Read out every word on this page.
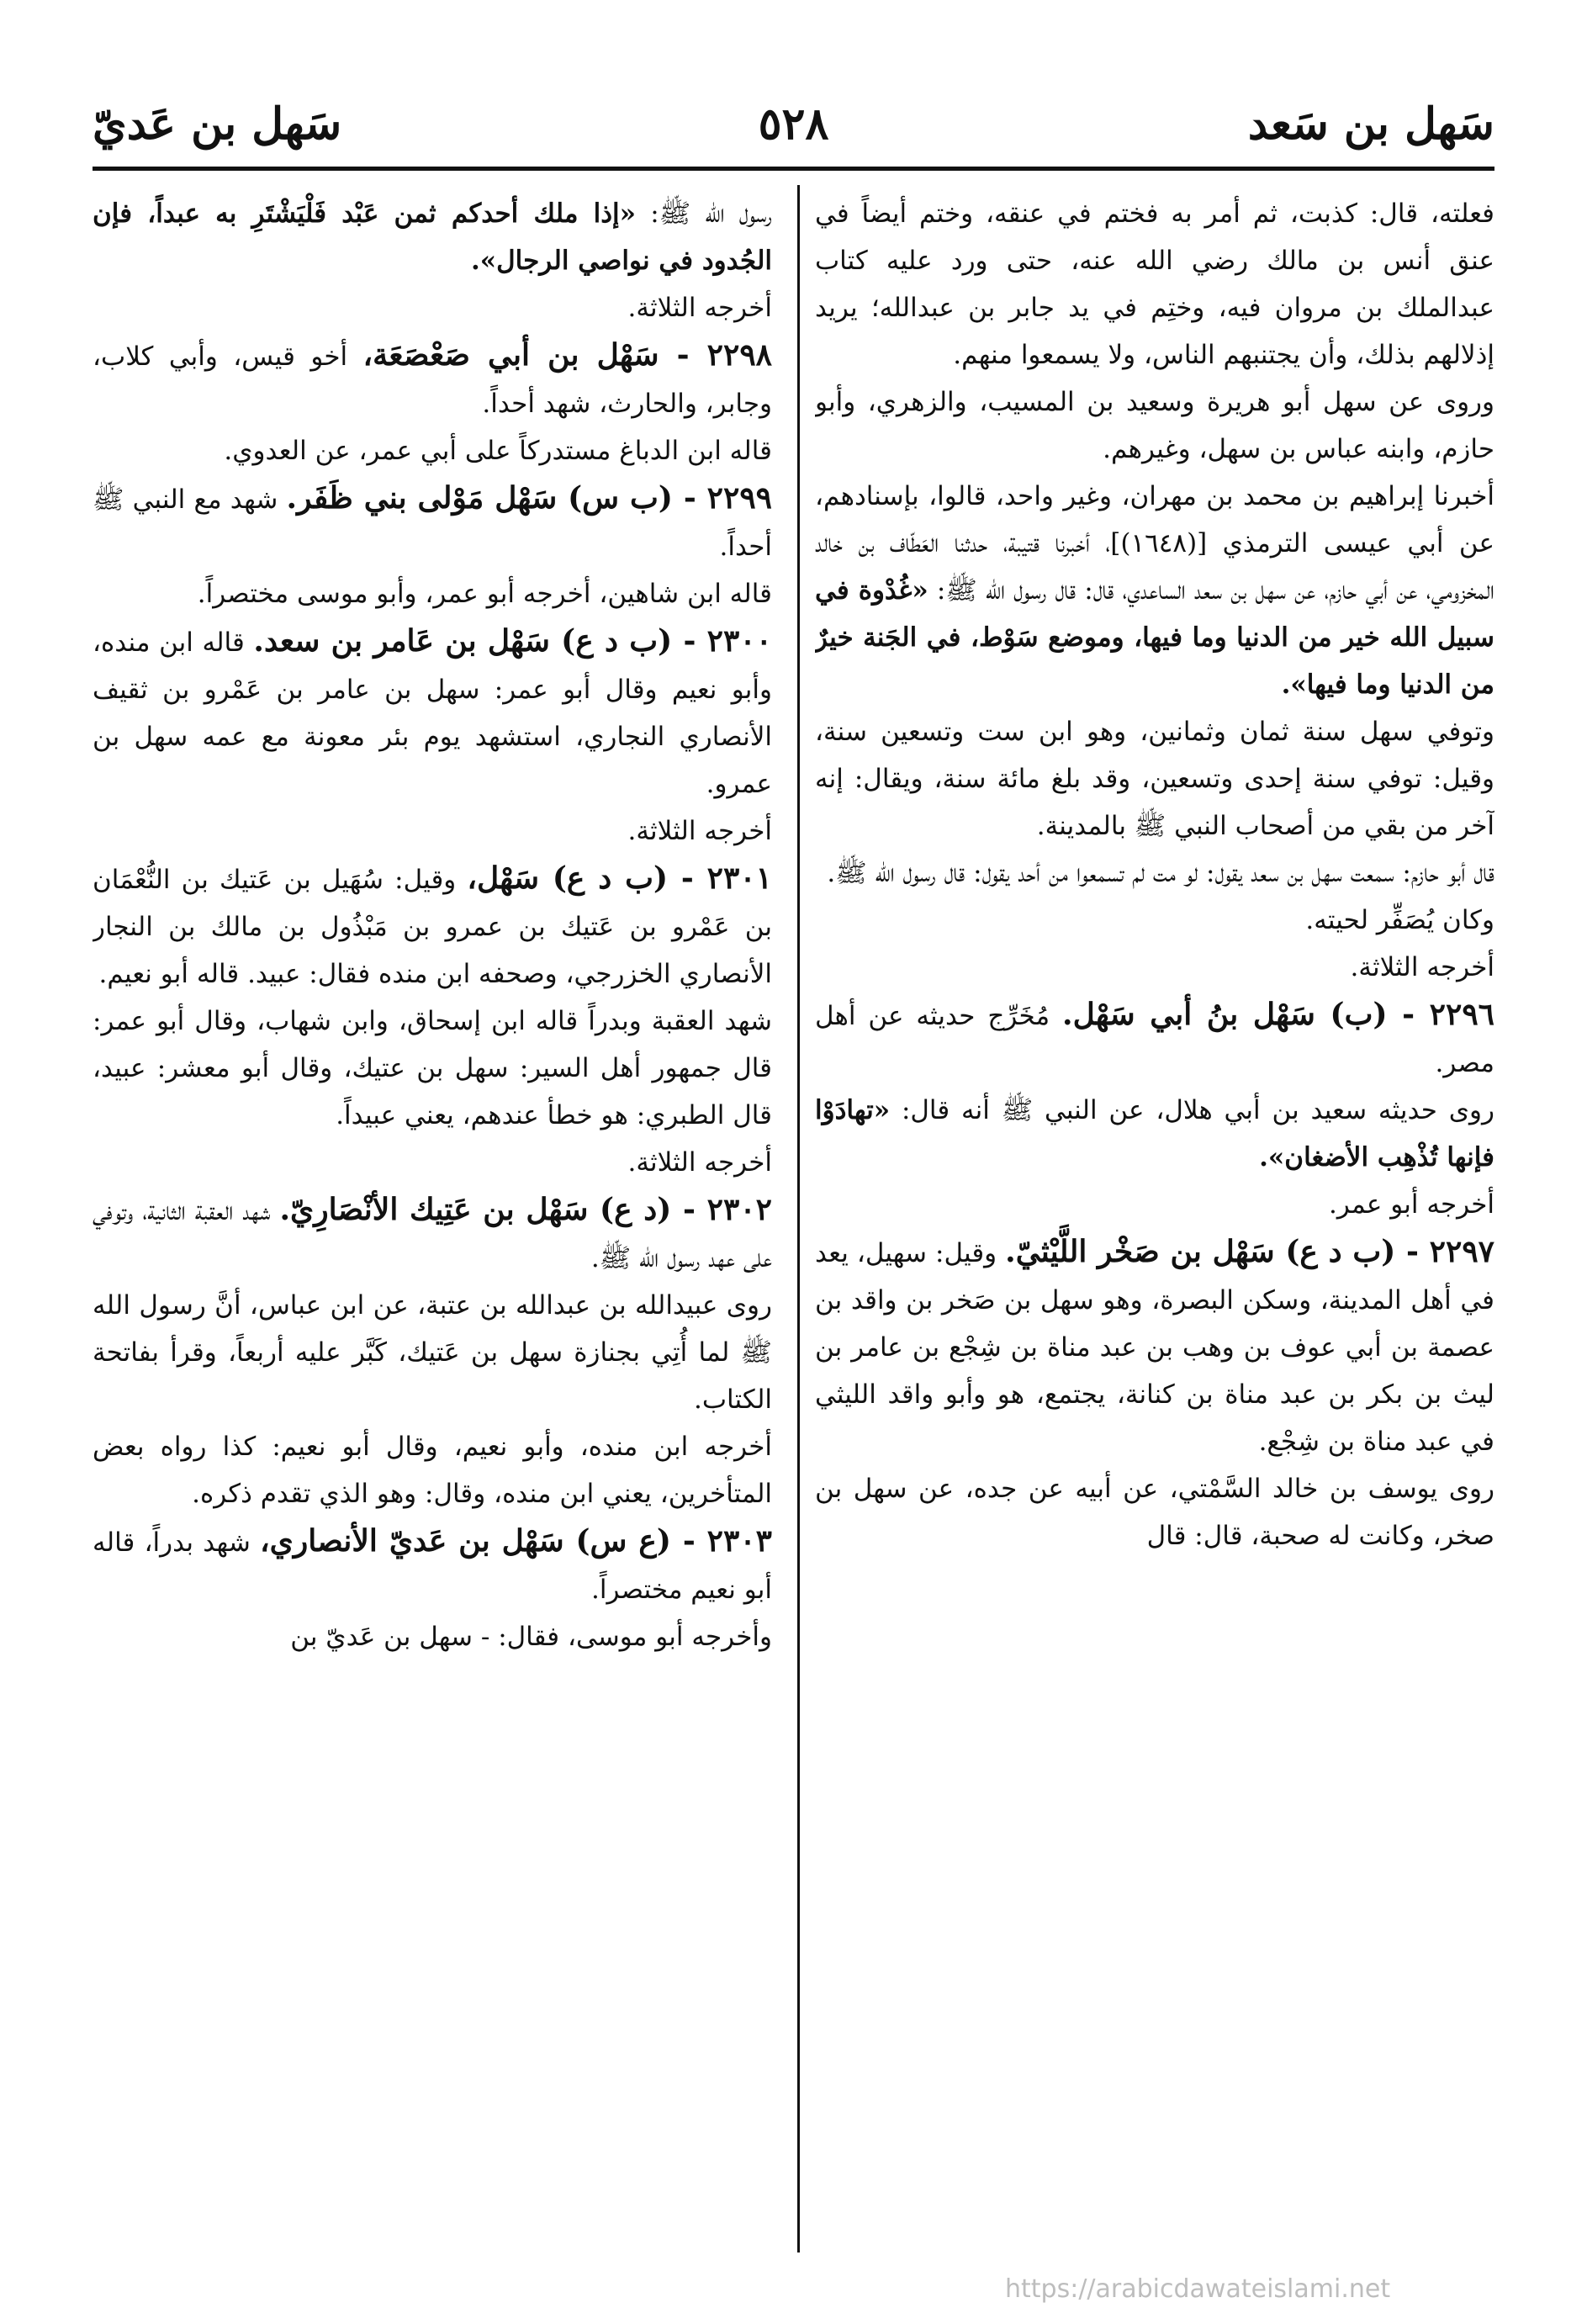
سَهل بن سَعد
٥٢٨
سَهل بن عَديّ

فعلته، قال: كذبت، ثم أمر به فختم في عنقه، وختم أيضاً في عنق أنس بن مالك رضي الله عنه، حتى ورد عليه كتاب عبدالملك بن مروان فيه، وختِم في يد جابر بن عبدالله؛ يريد إذلالهم بذلك، وأن يجتنبهم الناس، ولا يسمعوا منهم.

وروى عن سهل أبو هريرة وسعيد بن المسيب، والزهري، وأبو حازم، وابنه عباس بن سهل، وغيرهم.

أخبرنا إبراهيم بن محمد بن مهران، وغير واحد، قالوا، بإسنادهم، عن أبي عيسى الترمذي [(١٦٤٨)]، أخبرنا قتيبة، حدثنا العَطّاف بن خالد المخزومي، عن أبي حازم، عن سهل بن سعد الساعدي، قال: قال رسول الله ﷺ: «غُدْوة في سبيل الله خير من الدنيا وما فيها، وموضع سَوْط، في الجَنة خيرٌ من الدنيا وما فيها».

وتوفي سهل سنة ثمان وثمانين، وهو ابن ست وتسعين سنة، وقيل: توفي سنة إحدى وتسعين، وقد بلغ مائة سنة، ويقال: إنه آخر من بقي من أصحاب النبي ﷺ بالمدينة.

قال أبو حازم: سمعت سهل بن سعد يقول: لو مت لم تسمعوا من أحد يقول: قال رسول الله ﷺ.

وكان يُصَفِّر لحيته.

أخرجه الثلاثة.

٢٢٩٦ - (ب) سَهْل بنُ أبي سَهْل. مُخَرِّج حديثه عن أهل مصر.

روى حديثه سعيد بن أبي هلال، عن النبي ﷺ أنه قال: «تهادَوْا فإنها تُذْهِب الأضغان».

أخرجه أبو عمر.

٢٢٩٧ - (ب د ع) سَهْل بن صَخْر اللَّيْثيّ. وقيل: سهيل، يعد في أهل المدينة، وسكن البصرة، وهو سهل بن صَخر بن واقد بن عصمة بن أبي عوف بن وهب بن عبد مناة بن شِجْع بن عامر بن ليث بن بكر بن عبد مناة بن كنانة، يجتمع، هو وأبو واقد الليثي في عبد مناة بن شِجْع.

روى يوسف بن خالد السَّمْتي، عن أبيه عن جده، عن سهل بن صخر، وكانت له صحبة، قال: قال

رسول الله ﷺ: «إذا ملك أحدكم ثمن عَبْد فَلْيَشْتَرِ به عبداً، فإن الجُدود في نواصي الرجال».

أخرجه الثلاثة.

٢٢٩٨ - سَهْل بن أبي صَعْصَعَة، أخو قيس، وأبي كلاب، وجابر، والحارث، شهد أحداً.

قاله ابن الدباغ مستدركاً على أبي عمر، عن العدوي.

٢٢٩٩ - (ب س) سَهْل مَوْلى بني ظَفَر. شهد مع النبي ﷺ أحداً.

قاله ابن شاهين، أخرجه أبو عمر، وأبو موسى مختصراً.

٢٣٠٠ - (ب د ع) سَهْل بن عَامر بن سعد. قاله ابن منده، وأبو نعيم وقال أبو عمر: سهل بن عامر بن عَمْرو بن ثقيف الأنصاري النجاري، استشهد يوم بئر معونة مع عمه سهل بن عمرو.

أخرجه الثلاثة.

٢٣٠١ - (ب د ع) سَهْل، وقيل: سُهَيل بن عَتيك بن النُّعْمَان بن عَمْرو بن عَتيك بن عمرو بن مَبْذُول بن مالك بن النجار الأنصاري الخزرجي، وصحفه ابن منده فقال: عبيد. قاله أبو نعيم.

شهد العقبة وبدراً قاله ابن إسحاق، وابن شهاب، وقال أبو عمر: قال جمهور أهل السير: سهل بن عتيك، وقال أبو معشر: عبيد، قال الطبري: هو خطأ عندهم، يعني عبيداً.

أخرجه الثلاثة.

٢٣٠٢ - (د ع) سَهْل بن عَتِيك الأنْصَارِيّ. شهد العقبة الثانية، وتوفي على عهد رسول الله ﷺ.

روى عبيدالله بن عبدالله بن عتبة، عن ابن عباس، أنَّ رسول الله ﷺ لما أُتِي بجنازة سهل بن عَتيك، كَبَّر عليه أربعاً، وقرأ بفاتحة الكتاب.

أخرجه ابن منده، وأبو نعيم، وقال أبو نعيم: كذا رواه بعض المتأخرين، يعني ابن منده، وقال: وهو الذي تقدم ذكره.

٢٣٠٣ - (ع س) سَهْل بن عَديّ الأنصاري، شهد بدراً، قاله أبو نعيم مختصراً.

وأخرجه أبو موسى، فقال: - سهل بن عَديّ بن

https://arabicdawateislami.net
